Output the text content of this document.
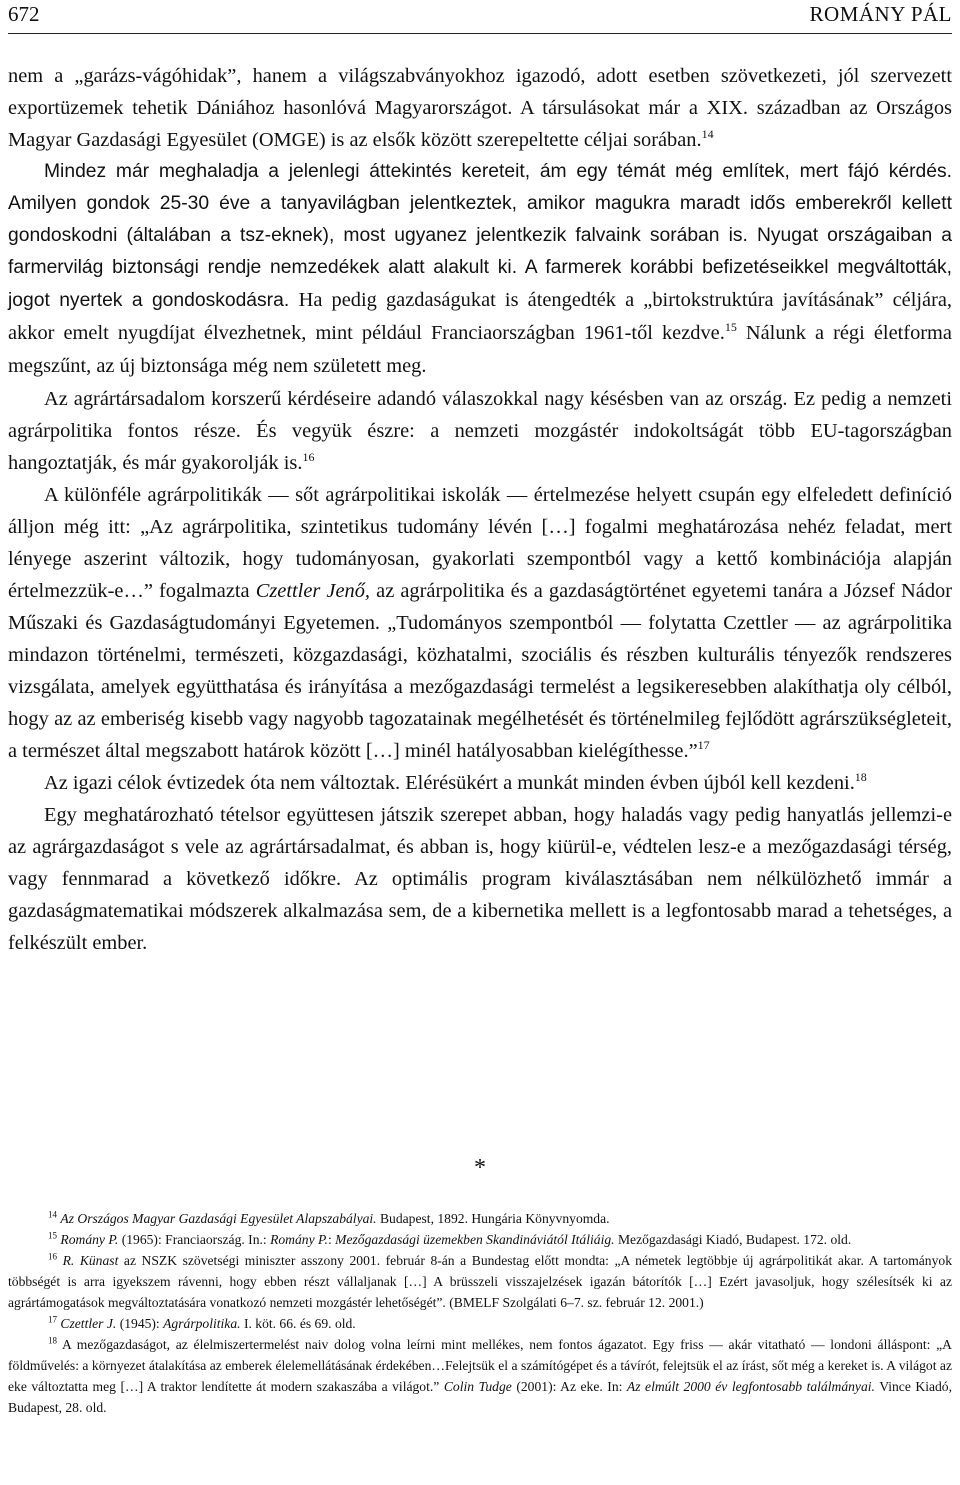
672	ROMÁNY PÁL

nem a „garázs-vágóhidak”, hanem a világszabványokhoz igazodó, adott esetben szövetkezeti, jól szervezett exportüzemek tehetik Dániához hasonlóvá Magyarországot. A társulásokat már a XIX. században az Országos Magyar Gazdasági Egyesület (OMGE) is az elsők között szerepeltette céljai sorában.$^{14}$

Mindez már meghaladja a jelenlegi áttekintés kereteit, ám egy témát még említek, mert fájó kérdés. Amilyen gondok 25-30 éve a tanyavilágban jelentkeztek, amikor magukra maradt idős emberekről kellett gondoskodni (általában a tsz-eknek), most ugyanez jelentkezik falvaink sorában is. Nyugat országaiban a farmervilág biztonsági rendje nemzedékek alatt alakult ki. A farmerek korábbi befizetéseikkel megváltották, jogot nyertek a gondoskodásra. Ha pedig gazdaságukat is átengedték a „birtokstruktúra javításának” céljára, akkor emelt nyugdíjat élvezhetnek, mint például Franciaországban 1961-től kezdve.$^{15}$ Nálunk a régi életforma megszűnt, az új biztonsága még nem született meg.

Az agrártársadalom korszerű kérdéseire adandó válaszokkal nagy késésben van az ország. Ez pedig a nemzeti agrárpolitika fontos része. És vegyük észre: a nemzeti mozgástér indokoltságát több EU-tagországban hangoztatják, és már gyakorolják is.$^{16}$

A különféle agrárpolitikák — sőt agrárpolitikai iskolák — értelmezése helyett csupán egy elfeledett definíció álljon még itt: „Az agrárpolitika, szintetikus tudomány lévén […] fogalmi meghatározása nehéz feladat, mert lényege aszerint változik, hogy tudományosan, gyakorlati szempontból vagy a kettő kombinációja alapján értelmezzük-e…” fogalmazta Czettler Jenő, az agrárpolitika és a gazdaságtörténet egyetemi tanára a József Nádor Műszaki és Gazdaságtudományi Egyetemen. „Tudományos szempontból — folytatta Czettler — az agrárpolitika mindazon történelmi, természeti, közgazdasági, közhatalmi, szociális és részben kulturális tényezők rendszeres vizsgálata, amelyek együtthatása és irányítása a mezőgazdasági termelést a legsikeresebben alakíthatja oly célból, hogy az az emberiség kisebb vagy nagyobb tagozatainak megélhetését és történelmileg fejlődött agrárszükségleteit, a természet által megszabott határok között […] minél hatályosabban kielégíthesse.”$^{17}$

Az igazi célok évtizedek óta nem változtak. Elérésükért a munkát minden évben újból kell kezdeni.$^{18}$

Egy meghatározható tételsor együttesen játszik szerepet abban, hogy haladás vagy pedig hanyatlás jellemzi-e az agrárgazdaságot s vele az agrártársadalmat, és abban is, hogy kiürül-e, védtelen lesz-e a mezőgazdasági térség, vagy fennmarad a következő időkre. Az optimális program kiválasztásában nem nélkülözhető immár a gazdaságmatematikai módszerek alkalmazása sem, de a kibernetika mellett is a legfontosabb marad a tehetséges, a felkészült ember.

*

$^{14}$ Az Országos Magyar Gazdasági Egyesület Alapszabályai. Budapest, 1892. Hungária Könyvnyomda.

$^{15}$ Romány P. (1965): Franciaország. In.: Romány P.: Mezőgazdasági üzemekben Skandináviától Itáliáig. Mezőgazdasági Kiadó, Budapest. 172. old.

$^{16}$ R. Künast az NSZK szövetségi miniszter asszony 2001. február 8-án a Bundestag előtt mondta: „A németek legtöbbje új agrárpolitikát akar. A tartományok többségét is arra igyekszem rávenni, hogy ebben részt vállaljanak […] A brüsszeli visszajelzések igazán bátorítók […] Ezért javasoljuk, hogy szélesítsék ki az agrártámogatások megváltoztatására vonatkozó nemzeti mozgástér lehetőségét”. (BMELF Szolgálati 6–7. sz. február 12. 2001.)

$^{17}$ Czettler J. (1945): Agrárpolitika. I. köt. 66. és 69. old.

$^{18}$ A mezőgazdaságot, az élelmiszertermelést naiv dolog volna leírni mint mellékes, nem fontos ágazatot. Egy friss — akár vitatható — londoni álláspont: „A földművelés: a környezet átalakítása az emberek élelemellátásának érdekében…Felejtsük el a számítógépet és a távírót, felejtsük el az írást, sőt még a kereket is. A világot az eke változtatta meg […] A traktor lendítette át modern szakaszába a világot.” Colin Tudge (2001): Az eke. In: Az elmúlt 2000 év legfontosabb találmányai. Vince Kiadó, Budapest, 28. old.
